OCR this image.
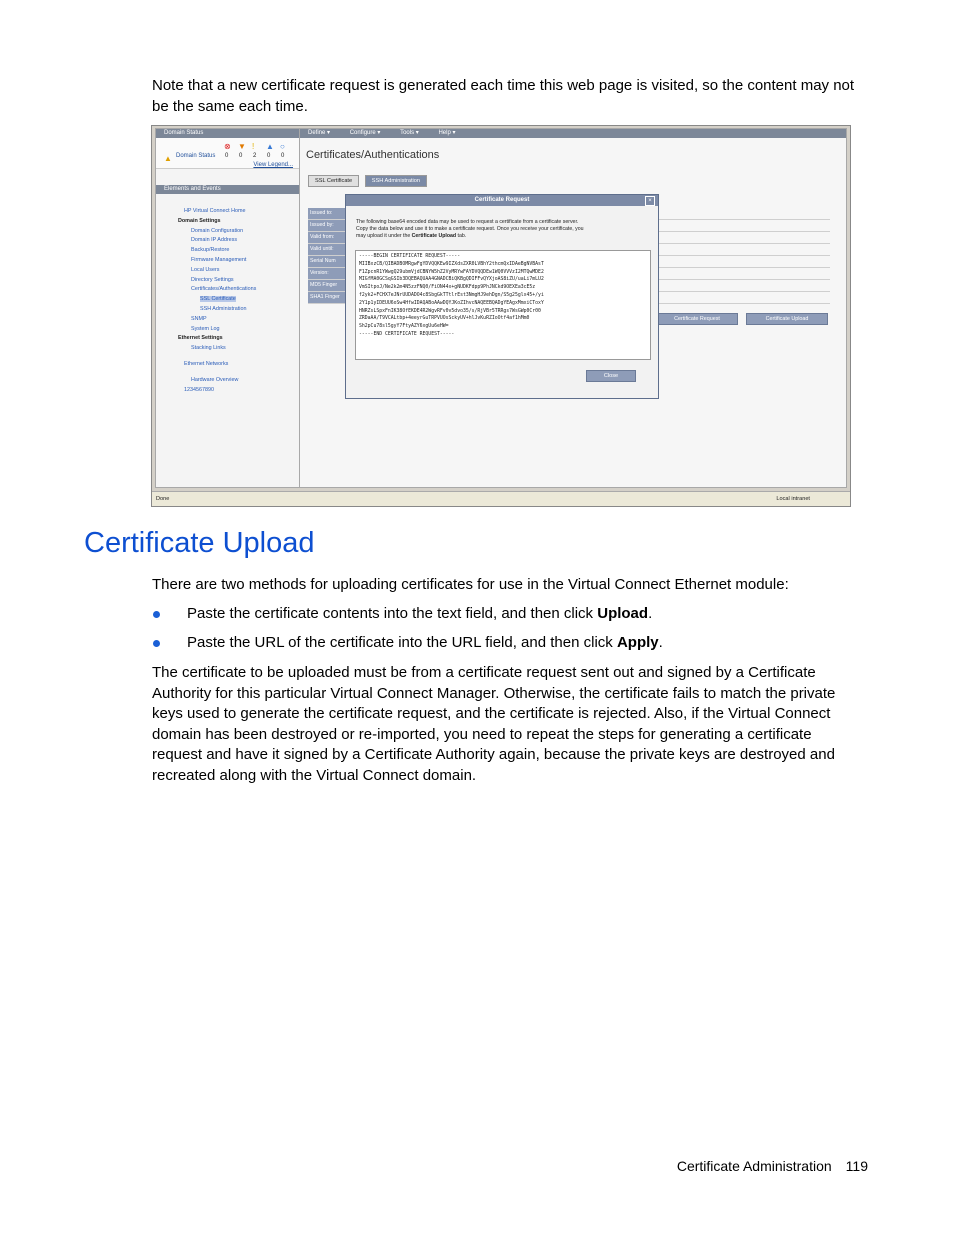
Note that a new certificate request is generated each time this web page is visited, so the content may not be the same each time.
Domain Status
▲ Domain Status
⊗ ▼ ! ▲ ○
0 0 2 0 0
View Legend...
Elements and Events
HP Virtual Connect Home
Domain Settings
Domain Configuration
Domain IP Address
Backup/Restore
Firmware Management
Local Users
Directory Settings
Certificates/Authentications
SSL Certificate
SSH Administration
SNMP
System Log
Ethernet Settings
Stacking Links
Ethernet Networks
Hardware Overview
1234567890
Define ▾	Configure ▾	Tools ▾	Help ▾
Certificates/Authentications
SSL Certificate	SSH Administration
Issued to:
Issued by:
Valid from:
Valid until:
Serial Num
Version:
MD5 Finger
SHA1 Finger
Certificate Request	Certificate Upload
Certificate Request	×
The following base64 encoded data may be used to request a certificate from a certificate server.
Copy the data below and use it to make a certificate request. Once you receive your certificate, you
may upload it under the Certificate Upload tab.
-----BEGIN CERTIFICATE REQUEST-----
MIIBxzCB/QIBADBOMRgwFgYDVQQKEw9IZXdsZXR0LVBhY2thcmQxIDAeBgNVBAsT
F1ZpcnR1YWwgQ29ubmVjdCBNYW5hZ2VyMRYwFAYDVQQDEw1WQ0VVVzI2MTQwMDE2
MIGfMA0GCSqGSIb3DQEBAQUAA4GNADCBiQKBgQDIFFvQYXjoAS8iZU/uaLi7mLU2
VmSItpoJ/Ne2k2m4N5zzFNQ0/FiON44x+gNUDKFdpp9PhJNCkd9OEXEa3cE5z
f2yk2+FCHX7eJNrUUDADO4c8SbgGkTTtlrEst3NmgHJ9ehDgn/S5g25glx45+/yi
2Y1p1yIDEUU6oSw4HfwIDAQABoAAwDQYJKoZIhvcNAQEEBQADgYEAgxMmxiCToxY
HNRZsLSpxFnIK38OfEKDE4R2WgvRFv0v5dvo35/s/RjVBr5TRRgs7WsGWp0Cr00
ZRDaAA/T9VCALtbp+4eeyrGuTRPVUOsSckyUV+hlJvKuRZIoOtf4af1hMm0
Sh2pCu78sl5gyY7FtyAZY6xgUu6eHW=
-----END CERTIFICATE REQUEST-----
Close
Done	Local intranet
Certificate Upload
There are two methods for uploading certificates for use in the Virtual Connect Ethernet module:
Paste the certificate contents into the text field, and then click Upload.
Paste the URL of the certificate into the URL field, and then click Apply.
The certificate to be uploaded must be from a certificate request sent out and signed by a Certificate Authority for this particular Virtual Connect Manager. Otherwise, the certificate fails to match the private keys used to generate the certificate request, and the certificate is rejected. Also, if the Virtual Connect domain has been destroyed or re-imported, you need to repeat the steps for generating a certificate request and have it signed by a Certificate Authority again, because the private keys are destroyed and recreated along with the Virtual Connect domain.
Certificate Administration 119
